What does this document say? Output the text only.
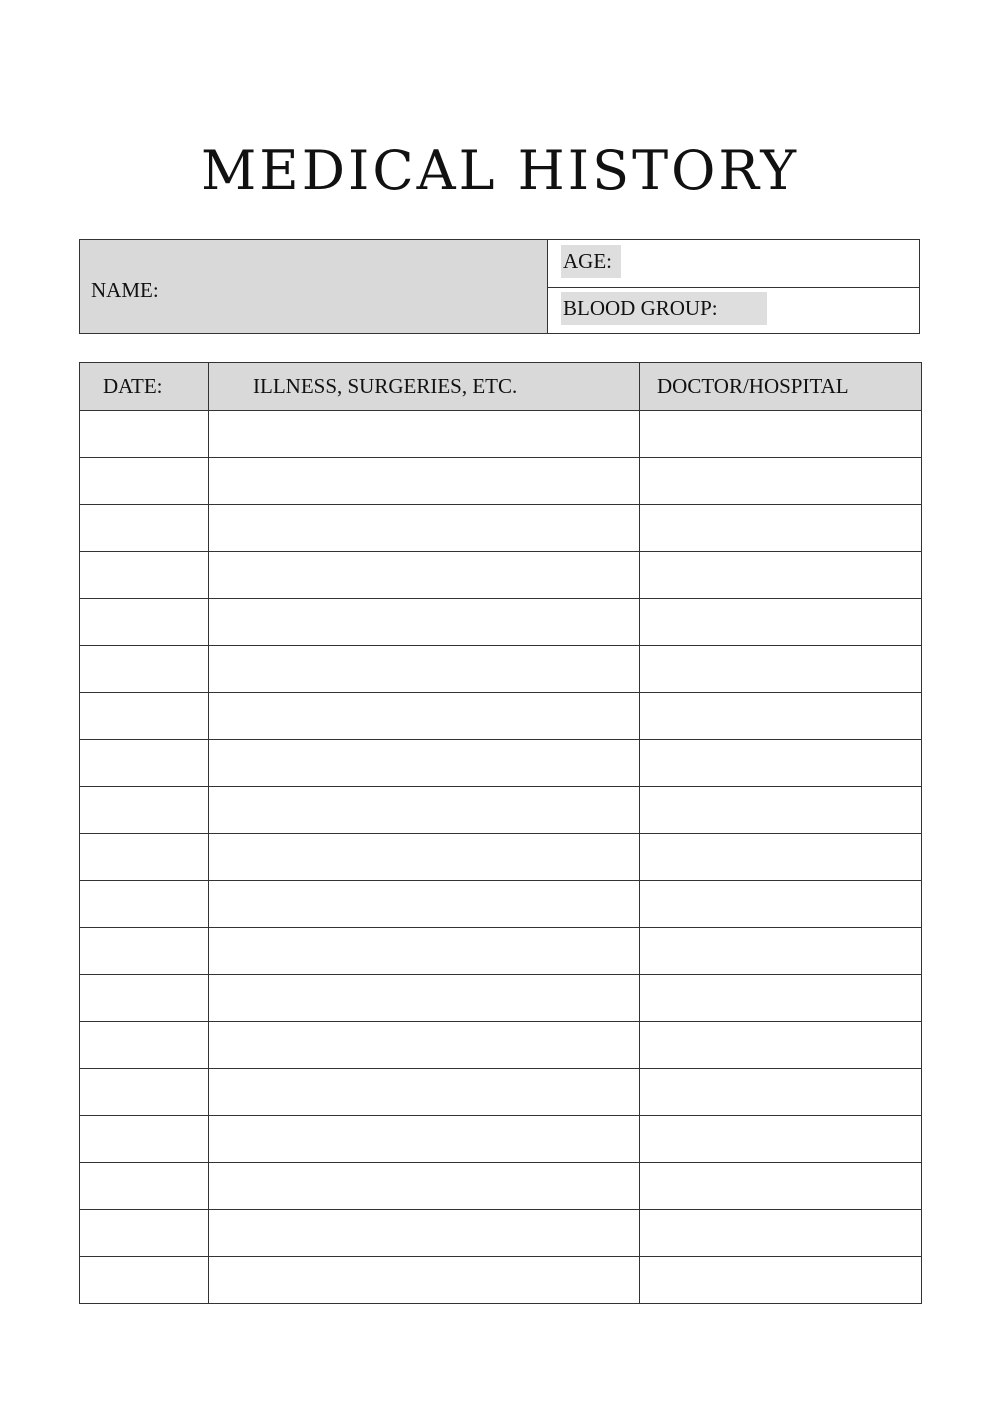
MEDICAL HISTORY
NAME:
AGE:
BLOOD GROUP:
DATE:	ILLNESS, SURGERIES, ETC.	DOCTOR/HOSPITAL
